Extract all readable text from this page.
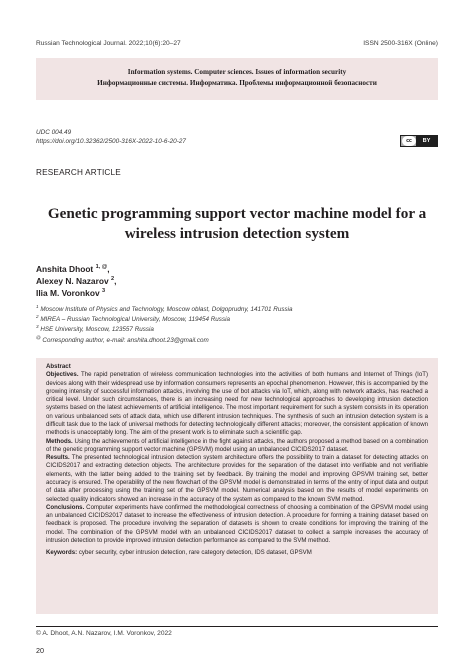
Russian Technological Journal. 2022;10(6):20–27	ISSN 2500-316X (Online)
Information systems. Computer sciences. Issues of information security
Информационные системы. Информатика. Проблемы информационной безопасности
UDC 004.49
https://doi.org/10.32362/2500-316X-2022-10-6-20-27	cc	BY
RESEARCH ARTICLE
Genetic programming support vector machine model for a wireless intrusion detection system
Anshita Dhoot $^{1, @}$,
Alexey N. Nazarov $^2$,
Ilia M. Voronkov $^3$
$^1$ Moscow Institute of Physics and Technology, Moscow oblast, Dolgoprudny, 141701 Russia
$^2$ MIREA – Russian Technological University, Moscow, 119454 Russia
$^3$ HSE University, Moscow, 123557 Russia
@ Corresponding author, e-mail: anshita.dhoot.23@gmail.com

Abstract

Objectives. The rapid penetration of wireless communication technologies into the activities of both humans and Internet of Things (IoT) devices along with their widespread use by information consumers represents an epochal phenomenon. However, this is accompanied by the growing intensity of successful information attacks, involving the use of bot attacks via IoT, which, along with network attacks, has reached a critical level. Under such circumstances, there is an increasing need for new technological approaches to developing intrusion detection systems based on the latest achievements of artificial intelligence. The most important requirement for such a system consists in its operation on various unbalanced sets of attack data, which use different intrusion techniques. The synthesis of such an intrusion detection system is a difficult task due to the lack of universal methods for detecting technologically different attacks; moreover, the consistent application of known methods is unacceptably long. The aim of the present work is to eliminate such a scientific gap.

Methods. Using the achievements of artificial intelligence in the fight against attacks, the authors proposed a method based on a combination of the genetic programming support vector machine (GPSVM) model using an unbalanced CICIDS2017 dataset.

Results. The presented technological intrusion detection system architecture offers the possibility to train a dataset for detecting attacks on CICIDS2017 and extracting detection objects. The architecture provides for the separation of the dataset into verifiable and not verifiable elements, with the latter being added to the training set by feedback. By training the model and improving GPSVM training set, better accuracy is ensured. The operability of the new flowchart of the GPSVM model is demonstrated in terms of the entry of input data and output of data after processing using the training set of the GPSVM model. Numerical analysis based on the results of model experiments on selected quality indicators showed an increase in the accuracy of the system as compared to the known SVM method.

Conclusions. Computer experiments have confirmed the methodological correctness of choosing a combination of the GPSVM model using an unbalanced CICIDS2017 dataset to increase the effectiveness of intrusion detection. A procedure for forming a training dataset based on feedback is proposed. The procedure involving the separation of datasets is shown to create conditions for improving the training of the model. The combination of the GPSVM model with an unbalanced CICIDS2017 dataset to collect a sample increases the accuracy of intrusion detection to provide improved intrusion detection performance as compared to the SVM method.

Keywords: cyber security, cyber intrusion detection, rare category detection, IDS dataset, GPSVM

© A. Dhoot, A.N. Nazarov, I.M. Voronkov, 2022
20
